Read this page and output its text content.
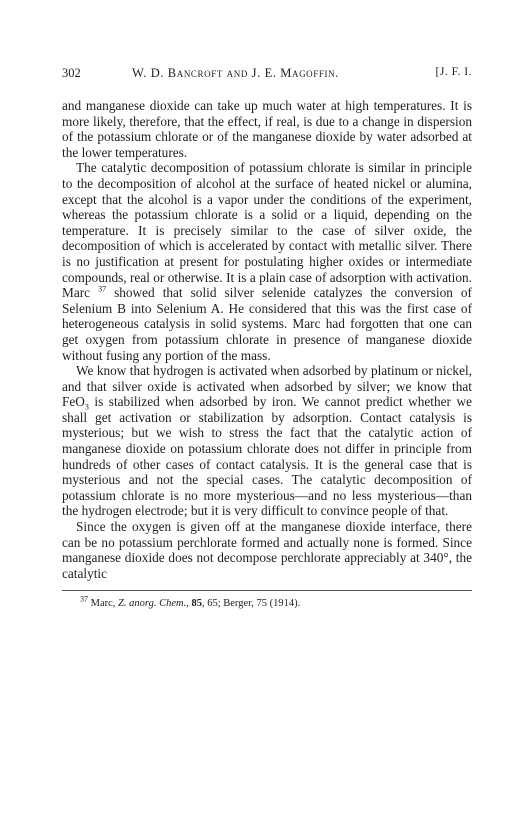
302	W. D. Bancroft and J. E. Magoffin.	[J. F. I.

and manganese dioxide can take up much water at high temperatures. It is more likely, therefore, that the effect, if real, is due to a change in dispersion of the potassium chlorate or of the manganese dioxide by water adsorbed at the lower temperatures.

The catalytic decomposition of potassium chlorate is similar in principle to the decomposition of alcohol at the surface of heated nickel or alumina, except that the alcohol is a vapor under the conditions of the experiment, whereas the potassium chlorate is a solid or a liquid, depending on the temperature. It is precisely similar to the case of silver oxide, the decomposition of which is accelerated by contact with metallic silver. There is no justification at present for postulating higher oxides or intermediate compounds, real or otherwise. It is a plain case of adsorption with activation. Marc $^{37}$ showed that solid silver selenide catalyzes the conversion of Selenium B into Selenium A. He considered that this was the first case of heterogeneous catalysis in solid systems. Marc had forgotten that one can get oxygen from potassium chlorate in presence of manganese dioxide without fusing any portion of the mass.

We know that hydrogen is activated when adsorbed by platinum or nickel, and that silver oxide is activated when adsorbed by silver; we know that FeO$_3$ is stabilized when adsorbed by iron. We cannot predict whether we shall get activation or stabilization by adsorption. Contact catalysis is mysterious; but we wish to stress the fact that the catalytic action of manganese dioxide on potassium chlorate does not differ in principle from hundreds of other cases of contact catalysis. It is the general case that is mysterious and not the special cases. The catalytic decomposition of potassium chlorate is no more mysterious—and no less mysterious—than the hydrogen electrode; but it is very difficult to convince people of that.

Since the oxygen is given off at the manganese dioxide interface, there can be no potassium perchlorate formed and actually none is formed. Since manganese dioxide does not decompose perchlorate appreciably at 340°, the catalytic

$^{37}$ Marc, Z. anorg. Chem., 85, 65; Berger, 75 (1914).
